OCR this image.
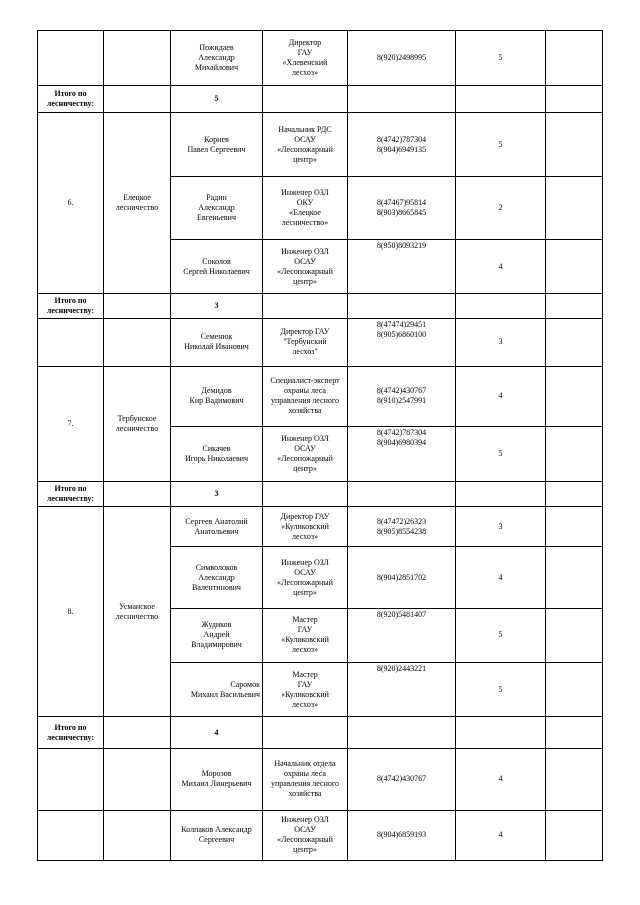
		Пожидаев
Александр
Михайлович	Директор
ГАУ
«Хлевенский
лесхоз»	8(920)2498995	5	
Итого по лесничеству:		5				
6.	Елецкое
лесничество	Кориев
Павел Сергеевич	Начальник РДС
ОСАУ
«Лесопожарный
центр»	8(4742)787304
8(904)6949135	5	
		Радин
Александр
Евгеньевич	Инженер ОЗЛ
ОКУ
«Елецкое
лесничество»	8(47467)95814
8(903)8665845	2	
		Соколов
Сергей Николаевич	Инженер ОЗЛ
ОСАУ
«Лесопожарный
центр»	8(950)8093219	4	
Итого по лесничеству:		3				
		Семенюк
Николай Иванович	Директор ГАУ
"Тербунский
лесхоз"	8(47474)29451
8(905)6860100	3	
7.	Тербунское
лесничество	Демидов
Кир Вадимович	Специалист-эксперт
охраны леса
управления лесного
хозяйства	8(4742)430767
8(910)2547991	4	
		Сикачев
Игорь Николаевич	Инженер ОЗЛ
ОСАУ
«Лесопожарный
центр»	8(4742)787304
8(904)6980394	5	
Итого по лесничеству:		3				
8.	Усманское
лесничество	Сергеев Анатолий
Анатольевич	Директор ГАУ
«Куликовский
лесхоз»	8(47472)26323
8(905)8554238	3	
		Символоков
Александр
Валентинович	Инженер ОЗЛ
ОСАУ
«Лесопожарный
центр»	8(904)2851702	4	
		Жудиков
Андрей
Владимирович	Мастер
ГАУ
«Куликовский
лесхоз»	8(920)5481407	5	
		Саромок
Михаил Васильевич	Мастер
ГАУ
«Куликовский
лесхоз»	8(920)2443221	5	
Итого по лесничеству:		4				
		Морозов
Михаил Линерьевич	Начальник отдела
охраны леса
управления лесного
хозяйства	8(4742)430767	4	
		Колпаков Александр
Сергеевич	Инженер ОЗЛ
ОСАУ
«Лесопожарный
центр»	8(904)6859193	4	
